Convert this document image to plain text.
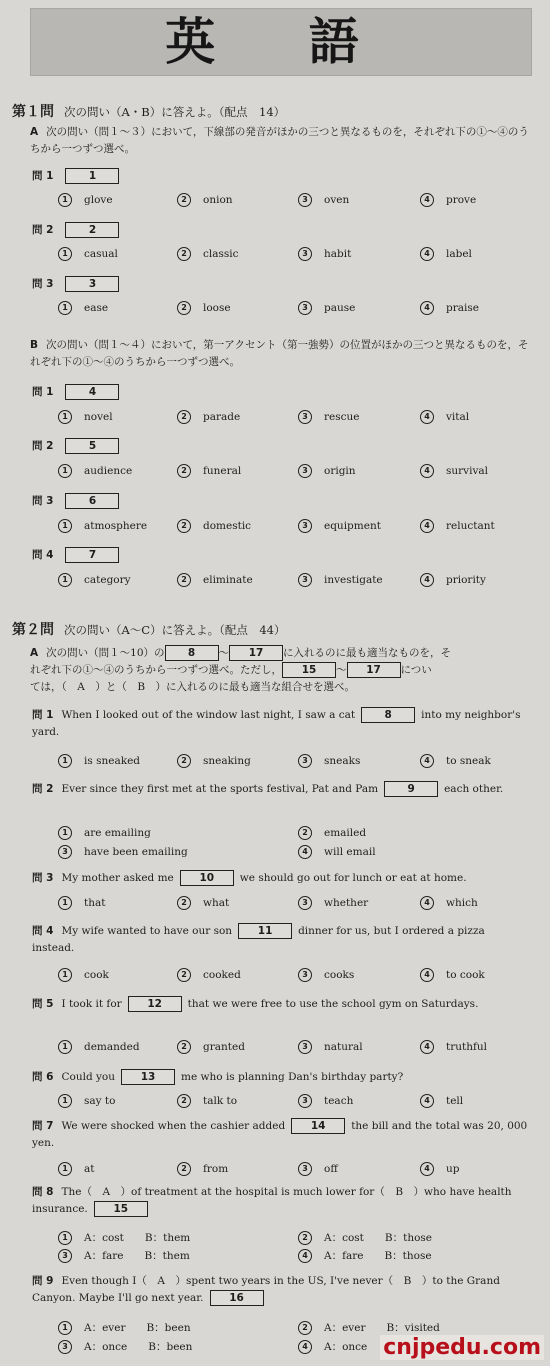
英 語
第１問 次の問い（A・B）に答えよ。（配点　14）
A 次の問い（問１～３）において，下線部の発音がほかの三つと異なるものを，それぞれ下の①～④のうちから一つずつ選べ。
問 1	1
1 glove	2 onion	3 oven	4 prove
問 2	2
1 casual	2 classic	3 habit	4 label
問 3	3
1 ease	2 loose	3 pause	4 praise
B 次の問い（問１～４）において，第一アクセント（第一強勢）の位置がほかの三つと異なるものを，それぞれ下の①～④のうちから一つずつ選べ。
問 1	4
1 novel	2 parade	3 rescue	4 vital
問 2	5
1 audience	2 funeral	3 origin	4 survival
問 3	6
1 atmosphere	2 domestic	3 equipment	4 reluctant
問 4	7
1 category	2 eliminate	3 investigate	4 priority
第２問 次の問い（A～C）に答えよ。（配点　44）
A 次の問い（問１～10）の 8 ～ 17 に入れるのに最も適当なものを，そ
れぞれ下の①～④のうちから一つずつ選べ。ただし， 15 ～ 17 につい
ては，（　A　）と（　B　）に入れるのに最も適当な組合せを選べ。
問 1 When I looked out of the window last night, I saw a cat	8	into my neighbor's yard.
1 is sneaked	2 sneaking	3 sneaks	4 to sneak
問 2 Ever since they first met at the sports festival, Pat and Pam	9	each other.
1 are emailing	2 emailed
3 have been emailing	4 will email
問 3 My mother asked me 10 we should go out for lunch or eat at home.
1 that	2 what	3 whether	4 which
問 4 My wife wanted to have our son 11 dinner for us, but I ordered a pizza instead.
1 cook	2 cooked	3 cooks	4 to cook
問 5 I took it for 12 that we were free to use the school gym on Saturdays.
1 demanded	2 granted	3 natural	4 truthful
問 6 Could you 13 me who is planning Dan's birthday party?
1 say to	2 talk to	3 teach	4 tell
問 7 We were shocked when the cashier added 14 the bill and the total was 20, 000 yen.
1 at	2 from	3 off	4 up
問 8 The（　A　）of treatment at the hospital is much lower for（　B　）who have health insurance. 15
1 A：cost　　B：them	2 A：cost　　B：those
3 A：fare　　B：them	4 A：fare　　B：those
問 9 Even though I（　A　）spent two years in the US, I've never（　B　）to the Grand Canyon. Maybe I'll go next year. 16
1 A：ever　　B：been	2 A：ever　　B：visited
3 A：once　　B：been	4 A：once cnjpedu.com
